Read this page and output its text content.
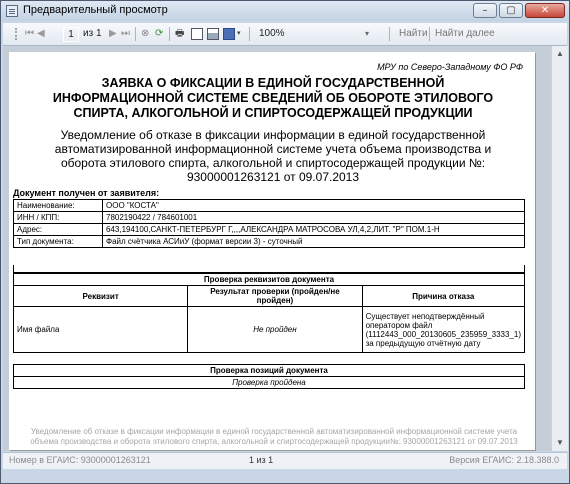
Предварительный просмотр	–	▢	✕
⏮ ◀	1 из 1 ▶ ⏭ ⊗ ⟳ 🖶	▾ 100%	▾	Найти Найти далее
МРУ по Северо-Западному ФО РФ
ЗАЯВКА О ФИКСАЦИИ В ЕДИНОЙ ГОСУДАРСТВЕННОЙ ИНФОРМАЦИОННОЙ СИСТЕМЕ СВЕДЕНИЙ ОБ ОБОРОТЕ ЭТИЛОВОГО СПИРТА, АЛКОГОЛЬНОЙ И СПИРТОСОДЕРЖАЩЕЙ ПРОДУКЦИИ
Уведомление об отказе в фиксации информации в единой государственной автоматизированной информационной системе учета объема производства и оборота этилового спирта, алкогольной и спиртосодержащей продукции №: 93000001263121 от 09.07.2013
Документ получен от заявителя:
Наименование:	ООО "КОСТА"
ИНН / КПП:	7802190422 / 784601001
Адрес:	643,194100,САНКТ-ПЕТЕРБУРГ Г,,,,АЛЕКСАНДРА МАТРОСОВА УЛ,4,2,ЛИТ. "Р" ПОМ.1-Н
Тип документа:	Файл счётчика АСИиУ (формат версии 3) - суточный
Проверка реквизитов документа		
Реквизит	Результат проверки (пройден/не пройден)	Причина отказа
Имя файла	Не пройден	Существует неподтверждённый оператором файл (1112443_000_20130605_235959_3333_1) за предыдущую отчётную дату
Проверка позиций документа
Проверка пройдена
Уведомление об отказе в фиксации информации в единой государственной автоматизированной информационной системе учета объема производства и оборота этилового спирта, алкогольной и спиртосодержащей продукции№: 93000001263121 от 09.07.2013
▲
▼
Номер в ЕГАИС: 93000001263121	1 из 1	Версия ЕГАИС: 2.18.388.0
